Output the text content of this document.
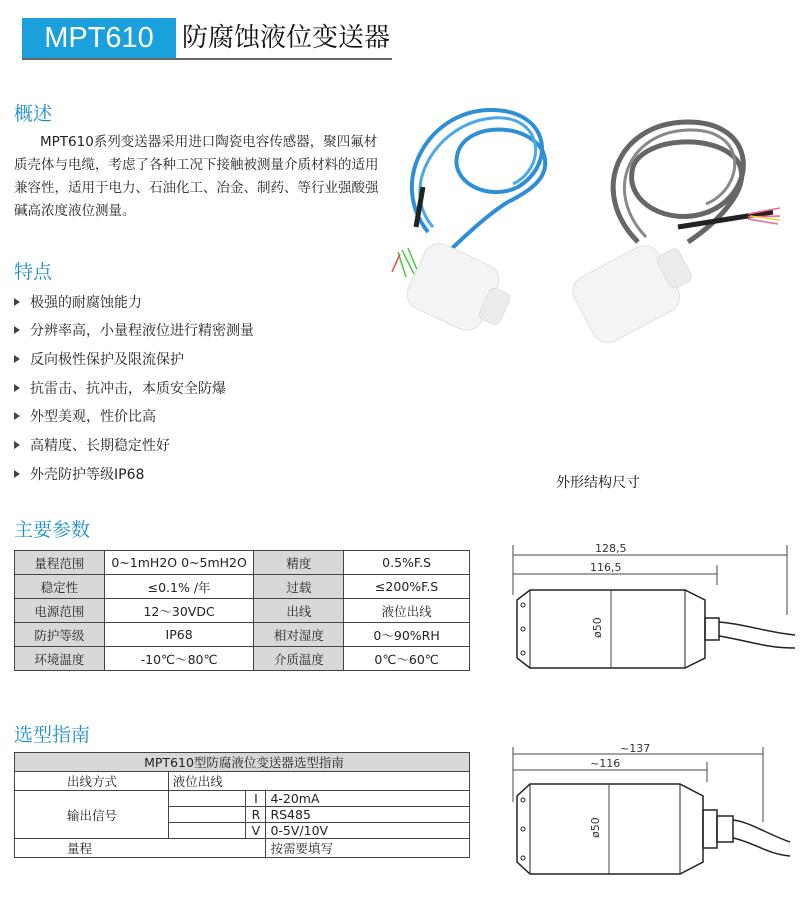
MPT610	防腐蚀液位变送器
概述
MPT610系列变送器采用进口陶瓷电容传感器，聚四氟材质壳体与电缆，考虑了各种工况下接触被测量介质材料的适用兼容性，适用于电力、石油化工、冶金、制药、等行业强酸强碱高浓度液位测量。
特点
极强的耐腐蚀能力
分辨率高，小量程液位进行精密测量
反向极性保护及限流保护
抗雷击、抗冲击，本质安全防爆
外型美观，性价比高
高精度、长期稳定性好
外壳防护等级IP68	外形结构尺寸
主要参数
量程范围	0~1mH2O 0~5mH2O	精度	0.5%F.S
稳定性	≤0.1% /年	过载	≤200%F.S
电源范围	12～30VDC	出线	液位出线
防护等级	IP68	相对湿度	0～90%RH
环境温度	-10℃～80℃	介质温度	0℃～60℃
128,5
116,5
ø50
选型指南
MPT610型防腐液位变送器选型指南			
出线方式	液位出线		
输出信号		I	4-20mA
		R	RS485
		V	0-5V/10V
量程			按需要填写
~137
~116
ø50
